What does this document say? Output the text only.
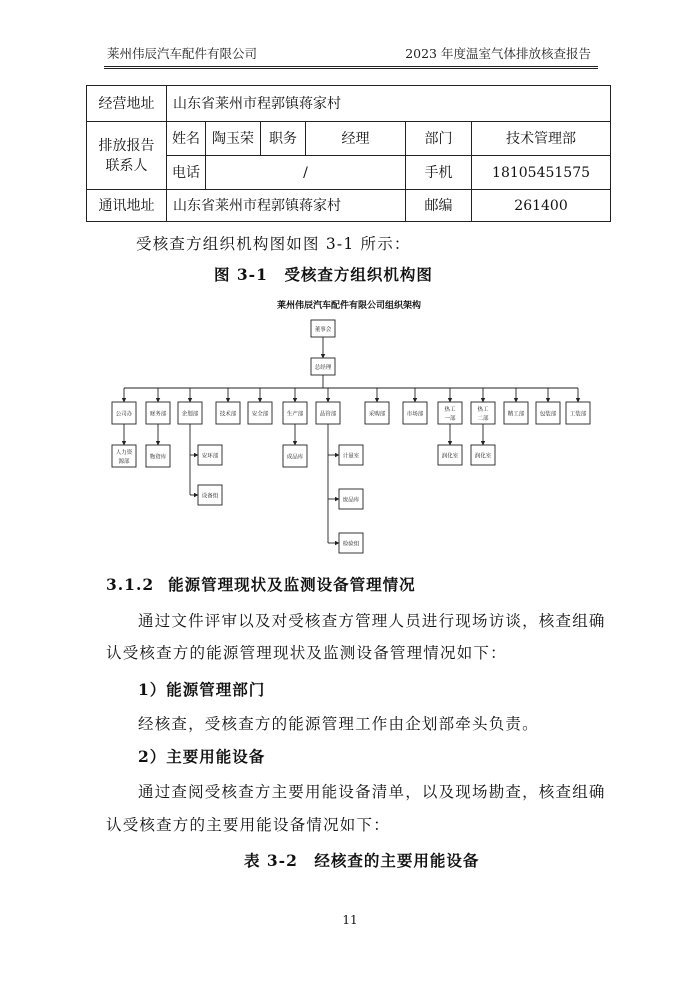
莱州伟辰汽车配件有限公司	2023 年度温室气体排放核查报告
经营地址	山东省莱州市程郭镇蒋家村					

排放报告
联系人	姓名	陶玉荣	职务	经理	部门	技术管理部
	电话	/			手机	18105451575
通讯地址	山东省莱州市程郭镇蒋家村				邮编	261400
受核查方组织机构图如图 3-1 所示：
图 3-1　受核查方组织机构图
董事会
总经理
公司办	财务部	企划部	技术部	安全部	生产部	品管部	采购部	市场部
热工
一部
热工
二部
精工部	包装部 工装部
人力资
源部
物资库	安环部
设备组
成品库	计量室
废品库
检验组
润化室	润化室
莱州伟辰汽车配件有限公司组织架构
3.1.2 能源管理现状及监测设备管理情况
通过文件评审以及对受核查方管理人员进行现场访谈，核查组确
认受核查方的能源管理现状及监测设备管理情况如下：
1）能源管理部门
经核查，受核查方的能源管理工作由企划部牵头负责。
2）主要用能设备
通过查阅受核查方主要用能设备清单，以及现场勘查，核查组确
认受核查方的主要用能设备情况如下：
表 3-2　经核查的主要用能设备
11
